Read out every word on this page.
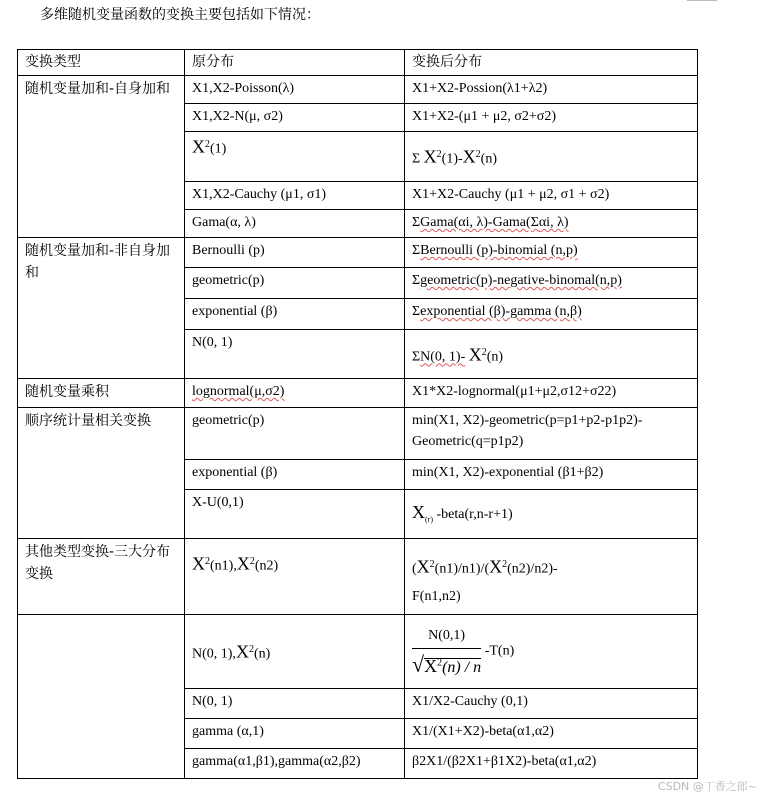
多维随机变量函数的变换主要包括如下情况：
变换类型	原分布	变换后分布
随机变量加和-自身加和	X1,X2-Poisson(λ)	X1+X2-Possion(λ1+λ2)
	X1,X2-N(μ, σ2)	X1+X2-(μ1 + μ2, σ2+σ2)
	$X^2(1)$	Σ $X^2(1)-X^2(n)$
	X1,X2-Cauchy (μ1, σ1)	X1+X2-Cauchy (μ1 + μ2, σ1 + σ2)
	Gama(α, λ)	ΣGama(αi, λ)-Gama(Σαi, λ)
随机变量加和-非自身加和	Bernoulli (p)	ΣBernoulli (p)-binomial (n,p)
	geometric(p)	Σgeometric(p)-negative-binomal(n,p)
	exponential (β)	Σexponential (β)-gamma (n,β)
	N(0, 1)	ΣN(0, 1)- $X^2(n)$
随机变量乘积	lognormal(μ,σ2)	X1*X2-lognormal(μ1+μ2,σ12+σ22)
顺序统计量相关变换	geometric(p)	min(X1, X2)-geometric(p=p1+p2-p1p2)-Geometric(q=p1p2)
	exponential (β)	min(X1, X2)-exponential (β1+β2)
	X-U(0,1)	$X_{(r)}$ -beta(r,n-r+1)
其他类型变换-三大分布变换	$X^2(n1),X^2(n2)$	$(X^2(n1)/n1)/(X^2(n2)/n2)-$
F(n1,n2)
	N(0, $1),X^2(n)$	$\frac{N(0,1)}{√X^2(n) / n} -T(n)$
	N(0, 1)	X1/X2-Cauchy (0,1)
	gamma (α,1)	X1/(X1+X2)-beta(α1,α2)
	gamma(α1,β1),gamma(α2,β2)	β2X1/(β2X1+β1X2)-beta(α1,α2)
CSDN @丁香之郎~
